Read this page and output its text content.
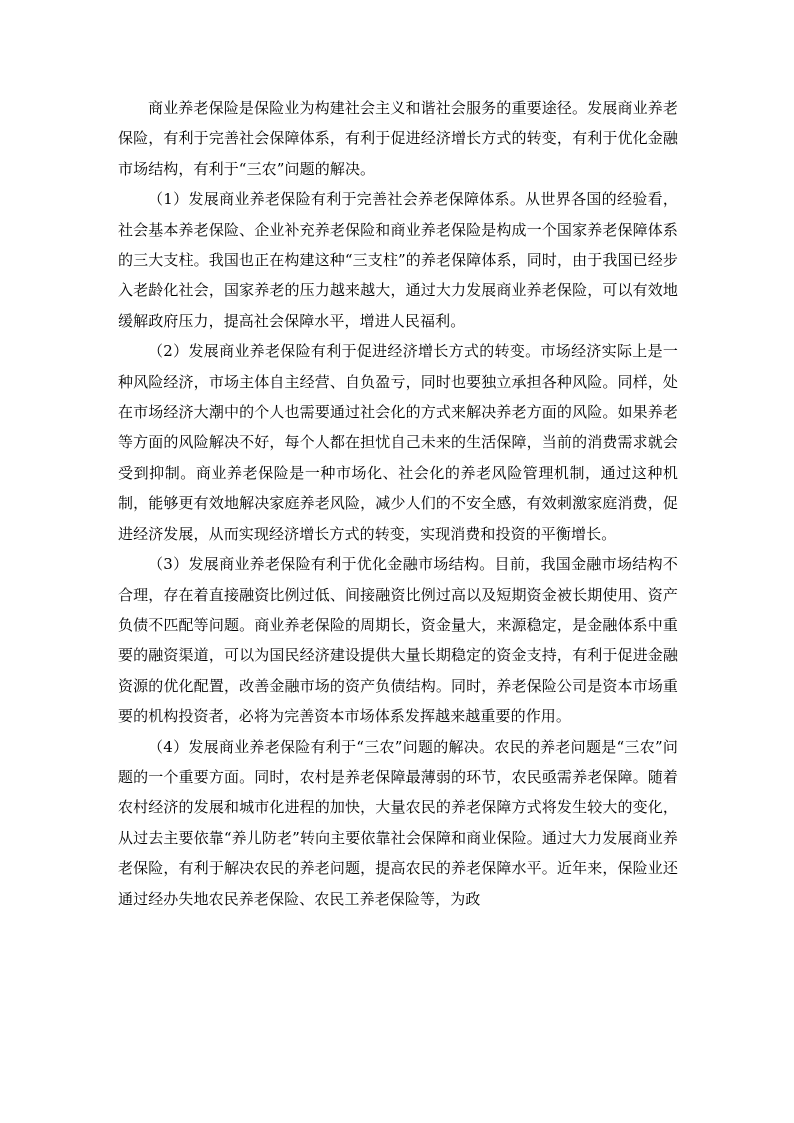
商业养老保险是保险业为构建社会主义和谐社会服务的重要途径。发展商业养老保险，有利于完善社会保障体系，有利于促进经济增长方式的转变，有利于优化金融市场结构，有利于“三农”问题的解决。

（1）发展商业养老保险有利于完善社会养老保障体系。从世界各国的经验看，社会基本养老保险、企业补充养老保险和商业养老保险是构成一个国家养老保障体系的三大支柱。我国也正在构建这种“三支柱”的养老保障体系，同时，由于我国已经步入老龄化社会，国家养老的压力越来越大，通过大力发展商业养老保险，可以有效地缓解政府压力，提高社会保障水平，增进人民福利。

（2）发展商业养老保险有利于促进经济增长方式的转变。市场经济实际上是一种风险经济，市场主体自主经营、自负盈亏，同时也要独立承担各种风险。同样，处在市场经济大潮中的个人也需要通过社会化的方式来解决养老方面的风险。如果养老等方面的风险解决不好，每个人都在担忧自己未来的生活保障，当前的消费需求就会受到抑制。商业养老保险是一种市场化、社会化的养老风险管理机制，通过这种机制，能够更有效地解决家庭养老风险，减少人们的不安全感，有效刺激家庭消费，促进经济发展，从而实现经济增长方式的转变，实现消费和投资的平衡增长。

（3）发展商业养老保险有利于优化金融市场结构。目前，我国金融市场结构不合理，存在着直接融资比例过低、间接融资比例过高以及短期资金被长期使用、资产负债不匹配等问题。商业养老保险的周期长，资金量大，来源稳定，是金融体系中重要的融资渠道，可以为国民经济建设提供大量长期稳定的资金支持，有利于促进金融资源的优化配置，改善金融市场的资产负债结构。同时，养老保险公司是资本市场重要的机构投资者，必将为完善资本市场体系发挥越来越重要的作用。

（4）发展商业养老保险有利于“三农”问题的解决。农民的养老问题是“三农”问题的一个重要方面。同时，农村是养老保障最薄弱的环节，农民亟需养老保障。随着农村经济的发展和城市化进程的加快，大量农民的养老保障方式将发生较大的变化，从过去主要依靠“养儿防老”转向主要依靠社会保障和商业保险。通过大力发展商业养老保险，有利于解决农民的养老问题，提高农民的养老保障水平。近年来，保险业还通过经办失地农民养老保险、农民工养老保险等，为政
